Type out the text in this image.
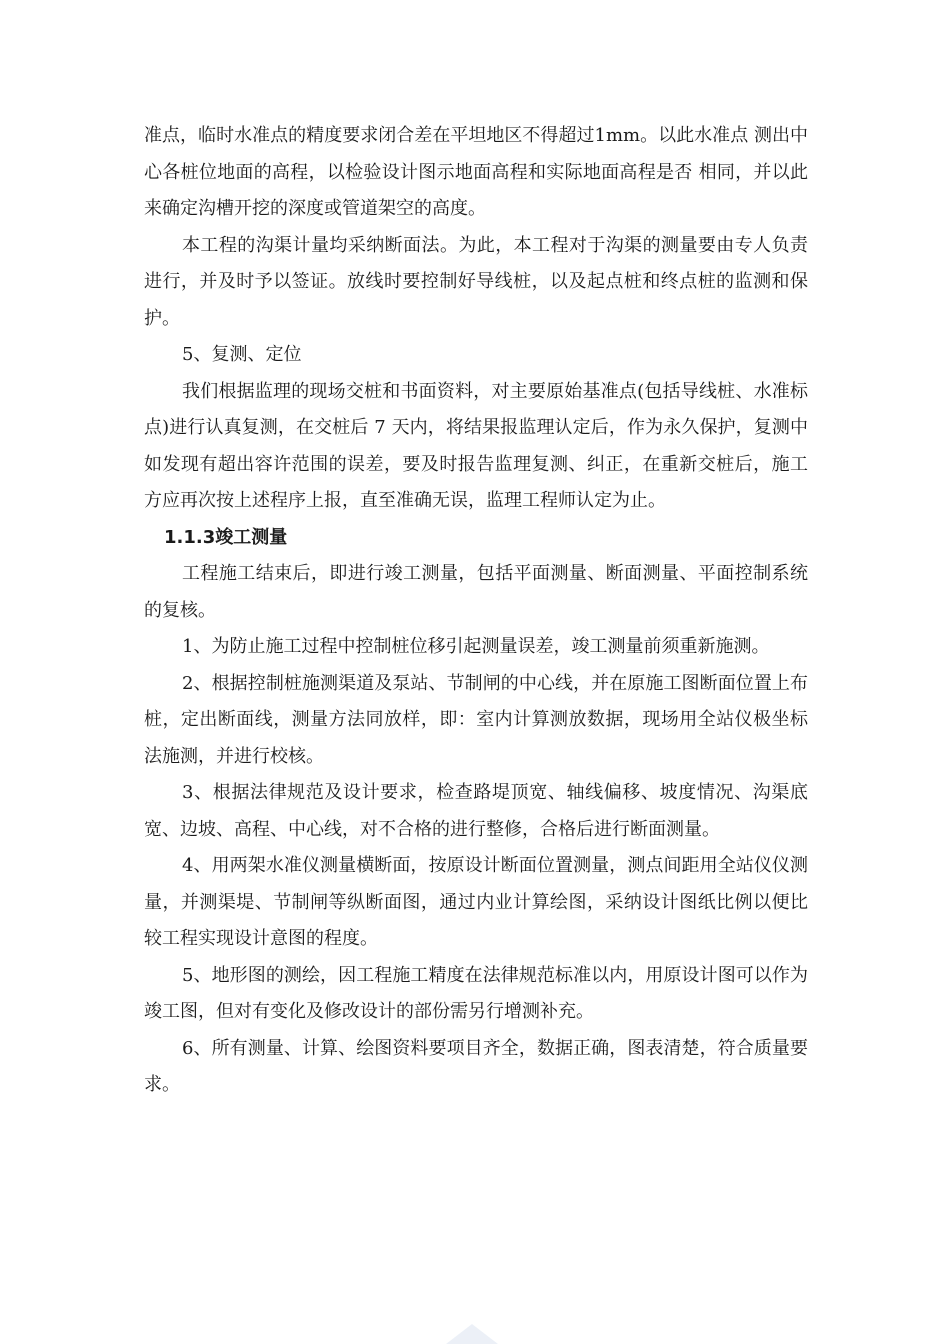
准点，临时水准点的精度要求闭合差在平坦地区不得超过1mm。以此水准点 测出中心各桩位地面的高程，以检验设计图示地面高程和实际地面高程是否 相同，并以此来确定沟槽开挖的深度或管道架空的高度。

本工程的沟渠计量均采纳断面法。为此，本工程对于沟渠的测量要由专人负责进行，并及时予以签证。放线时要控制好导线桩，以及起点桩和终点桩的监测和保护。

5、复测、定位

我们根据监理的现场交桩和书面资料，对主要原始基准点(包括导线桩、水准标点)进行认真复测，在交桩后 7 天内，将结果报监理认定后，作为永久保护，复测中如发现有超出容许范围的误差，要及时报告监理复测、纠正，在重新交桩后，施工方应再次按上述程序上报，直至准确无误，监理工程师认定为止。

1.1.3竣工测量

工程施工结束后，即进行竣工测量，包括平面测量、断面测量、平面控制系统的复核。

1、为防止施工过程中控制桩位移引起测量误差，竣工测量前须重新施测。

2、根据控制桩施测渠道及泵站、节制闸的中心线，并在原施工图断面位置上布桩，定出断面线，测量方法同放样，即：室内计算测放数据，现场用全站仪极坐标法施测，并进行校核。

3、根据法律规范及设计要求，检查路堤顶宽、轴线偏移、坡度情况、沟渠底宽、边坡、高程、中心线，对不合格的进行整修，合格后进行断面测量。

4、用两架水准仪测量横断面，按原设计断面位置测量，测点间距用全站仪仪测量，并测渠堤、节制闸等纵断面图，通过内业计算绘图，采纳设计图纸比例以便比较工程实现设计意图的程度。

5、地形图的测绘，因工程施工精度在法律规范标准以内，用原设计图可以作为竣工图，但对有变化及修改设计的部份需另行增测补充。

6、所有测量、计算、绘图资料要项目齐全，数据正确，图表清楚，符合质量要求。
